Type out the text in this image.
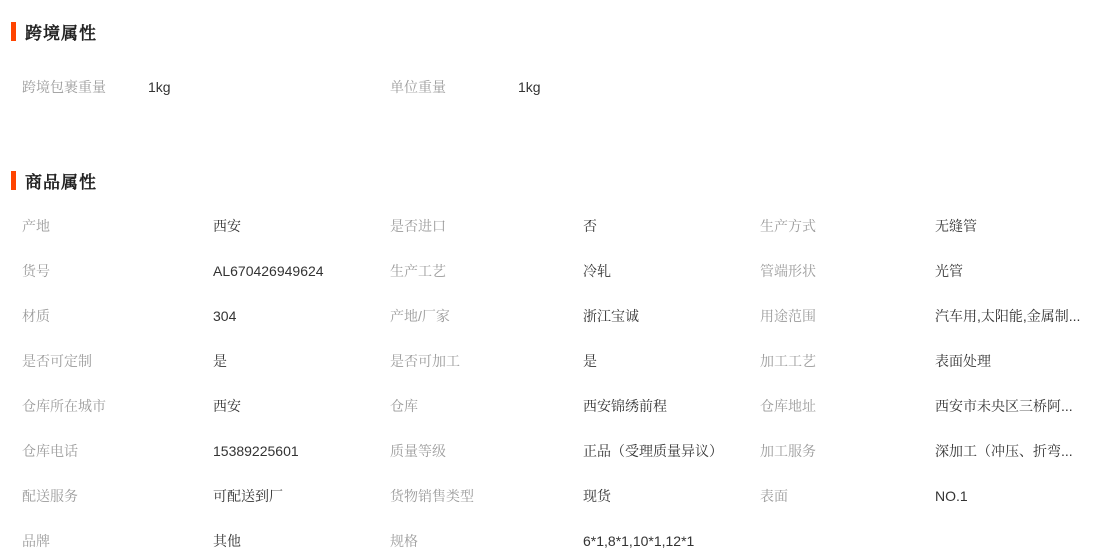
跨境属性
跨境包裹重量	1kg	单位重量	1kg
商品属性
产地	西安	是否进口	否	生产方式	无缝管
货号	AL670426949624	生产工艺	冷轧	管端形状	光管
材质	304	产地/厂家	浙江宝诚	用途范围	汽车用,太阳能,金属制...
是否可定制	是	是否可加工	是	加工工艺	表面处理
仓库所在城市	西安	仓库	西安锦绣前程	仓库地址	西安市未央区三桥阿...
仓库电话	15389225601	质量等级	正品（受理质量异议）	加工服务	深加工（冲压、折弯...
配送服务	可配送到厂	货物销售类型	现货	表面	NO.1
品牌	其他	规格	6*1,8*1,10*1,12*1
